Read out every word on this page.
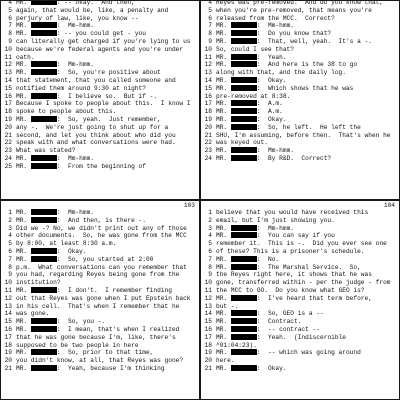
4 MR.	: -- okay.  And then,
5 again, that would be, like, a penalty and
6 perjury of law, like, you know --
7 MR.	:  Mm-hmm.
8 MR.	: -- you could get - you
9 can literally get charged if you're lying to us
10 because we're federal agents and you're under
11 oath.
12 MR.	:  Mm-hmm.
13 MR.	:  So, you're positive about
14 that statement, that you called someone and
15 notified them around 9:30 at night?
16 MR.	:  I believe so.  But if -.
17 Because I spoke to people about this.  I know I
18 spoke to people about this.
19 MR.	:  So, yeah.  Just remember,
20 any -.  We're just going to shut up for a
21 second, and let you think about who did you
22 speak with and what conversations were had.
23 What was stated?
24 MR.	:  Mm-hmm.
25 MR.	:  From the beginning of
4 Reyes was pre-removed.  And do you know that,
5 when you're pre-removed, that means you're
6 released from the MCC.  Correct?
7 MR.	:  Mm-hmm.
8 MR.	:  Do you know that?
9 MR.	:  That, well, yeah.  It's a -.
10 So, could I see that?
11 MR.	:  Yeah.
12 MR.	:  And here is the 38 to go
13 along with that, and the daily log.
14 MR.	:  Okay.
15 MR.	:  Which shows that he was
16 pre-removed at 8:38.
17 MR.	:  A.m.
18 MR.	:  A.m.
19 MR.	:  Okay.
20 MR.	:  So, he left.  He left the
21 SHU, I'm assuming, before then.  That's when he
22 was keyed out.
23 MR.	:  Mm-hmm.
24 MR.	:  By R&D.  Correct?
103
1 MR.	:  Mm-hmm.
2 MR.	:  And then, is there -.
3 Did we -? No, we didn't print out any of those
4 other documents.  So, he was gone from the MCC
5 by 8:00, at least 8:30 a.m.
6 MR.	:  Okay.
7 MR.	:  So, you started at 2:00
8 p.m.  What conversations can you remember that
9 you had, regarding Reyes being gone from the
10 institution?
11 MR.	:  I don't.  I remember finding
12 out that Reyes was gone when I put Epstein back
13 in his cell.  That's when I remember that he
14 was gone.
15 MR.	:  So, you -.
16 MR.	:  I mean, that's when I realized
17 that he was gone because I'm, like, there's
18 supposed to be two people in here
19 MR.	:  So, prior to that time,
20 you didn't know, at all, that Reyes was gone?
21 MR.	:  Yeah, because I'm thinking
104
1 believe that you would have received this
2 email, but I'm just showing you.
3 MR.	:  Mm-hmm.
4 MR.	:  You can say if you
5 remember it.  This is -.  Did you ever see one
6 of these? This is a prisoner's schedule.
7 MR.	:  No.
8 MR.	:  The Marshal Service.  So,
9 the Reyes right here, it shows that he was
10 gone, transferred within - per the judge - from
11 the MCC to GO.  Do you know what GEO is?
12 MR.	:  I've heard that term before,
13 but -.
14 MR.	:  So, GEO is a --
15 MR.	:  Contract.
16 MR.	:  -- contract --
17 MR.	:  Yeah.  (Indiscernible
18 ^01:04:23).
19 MR.	:  -- which was going around
20 here.
21 MR.	:  Okay.
